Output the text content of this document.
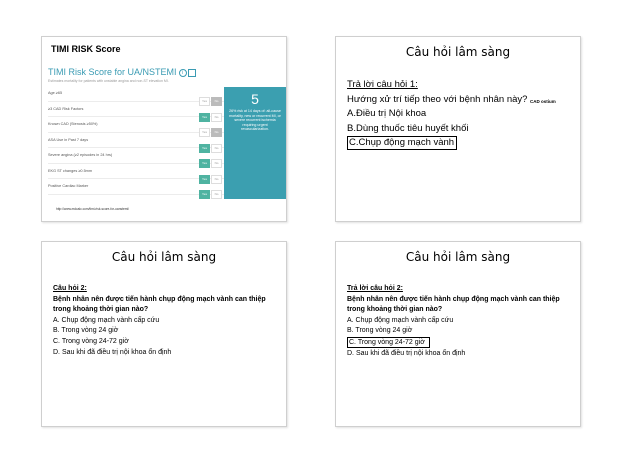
TIMI RISK Score
TIMI Risk Score for UA/NSTEMI i
Estimates mortality for patients with unstable angina and non-ST elevation MI.
Age ≥65
Yes	No
≥3 CAD Risk Factors
Yes	No
Known CAD (Stenosis ≥50%)
Yes	No
ASA Use in Past 7 days
Yes	No
Severe angina (≥2 episodes in 24 hrs)
Yes	No
EKG ST changes ≥0.5mm
Yes	No
Positive Cardiac Marker
Yes	No
5
26% risk at 14 days of: all-cause mortality, new or recurrent MI, or severe recurrent ischemia requiring urgent revascularization.
http://www.mdcalc.com/timi-risk-score-for-uanstemi/
Câu hỏi lâm sàng
Trả lời câu hỏi 1:
Hướng xử trí tiếp theo với bệnh nhân này?
A.Điều trị Nội khoa
B.Dùng thuốc tiêu huyết khối
C.Chụp động mạch vành
CAD ostium
Câu hỏi lâm sàng
Câu hỏi 2:
Bệnh nhân nên được tiến hành chụp động mạch vành can thiệp
trong khoảng thời gian nào?
A. Chụp động mạch vành cấp cứu
B. Trong vòng 24 giờ
C. Trong vòng 24-72 giờ
D. Sau khi đã điều trị nội khoa ổn định
Câu hỏi lâm sàng
Trả lời câu hỏi 2:
Bệnh nhân nên được tiến hành chụp động mạch vành can thiệp
trong khoảng thời gian nào?
A. Chụp động mạch vành cấp cứu
B. Trong vòng 24 giờ
C. Trong vòng 24-72 giờ
D. Sau khi đã điều trị nội khoa ổn định
